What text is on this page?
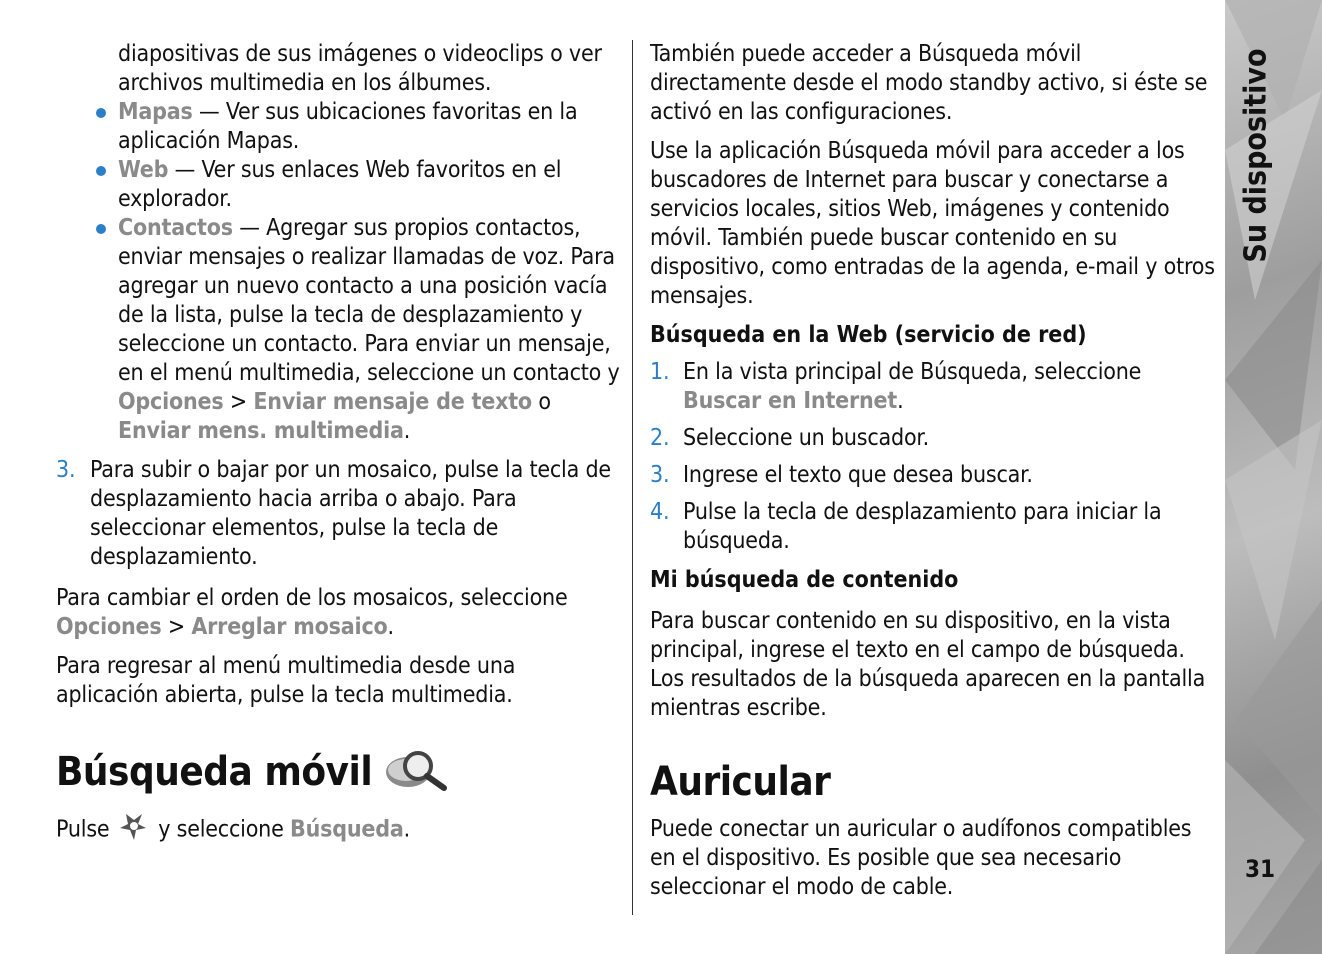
diapositivas de sus imágenes o videoclips o ver archivos multimedia en los álbumes.

Mapas — Ver sus ubicaciones favoritas en la aplicación Mapas.
Web — Ver sus enlaces Web favoritos en el explorador.
Contactos — Agregar sus propios contactos, enviar mensajes o realizar llamadas de voz. Para agregar un nuevo contacto a una posición vacía de la lista, pulse la tecla de desplazamiento y seleccione un contacto. Para enviar un mensaje, en el menú multimedia, seleccione un contacto y Opciones > Enviar mensaje de texto o Enviar mens. multimedia.
3. Para subir o bajar por un mosaico, pulse la tecla de desplazamiento hacia arriba o abajo. Para seleccionar elementos, pulse la tecla de desplazamiento.

Para cambiar el orden de los mosaicos, seleccione Opciones > Arreglar mosaico.

Para regresar al menú multimedia desde una aplicación abierta, pulse la tecla multimedia.

Búsqueda móvil

Pulse  y seleccione Búsqueda.

También puede acceder a Búsqueda móvil directamente desde el modo standby activo, si éste se activó en las configuraciones.

Use la aplicación Búsqueda móvil para acceder a los buscadores de Internet para buscar y conectarse a servicios locales, sitios Web, imágenes y contenido móvil. También puede buscar contenido en su dispositivo, como entradas de la agenda, e-mail y otros mensajes.

Búsqueda en la Web (servicio de red)
1. En la vista principal de Búsqueda, seleccione Buscar en Internet.
2. Seleccione un buscador.
3. Ingrese el texto que desea buscar.
4. Pulse la tecla de desplazamiento para iniciar la búsqueda.
Mi búsqueda de contenido

Para buscar contenido en su dispositivo, en la vista principal, ingrese el texto en el campo de búsqueda. Los resultados de la búsqueda aparecen en la pantalla mientras escribe.

Auricular

Puede conectar un auricular o audífonos compatibles en el dispositivo. Es posible que sea necesario seleccionar el modo de cable.

Su dispositivo
31
